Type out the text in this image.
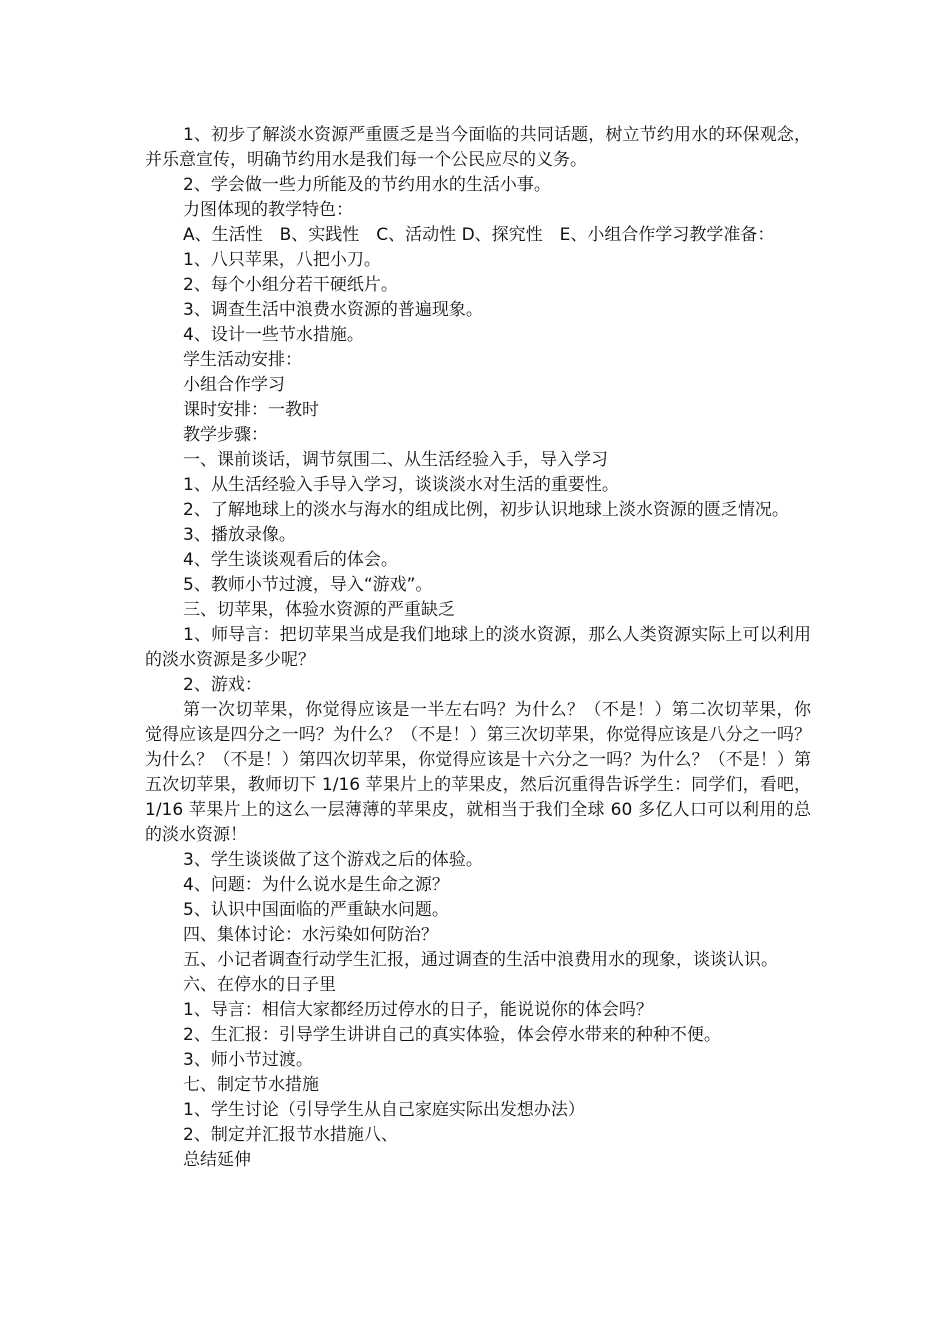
1、初步了解淡水资源严重匮乏是当今面临的共同话题，树立节约用水的环保观念，并乐意宣传，明确节约用水是我们每一个公民应尽的义务。

2、学会做一些力所能及的节约用水的生活小事。

力图体现的教学特色：

A、生活性　B、实践性　C、活动性 D、探究性　E、小组合作学习教学准备：

1、八只苹果，八把小刀。

2、每个小组分若干硬纸片。

3、调查生活中浪费水资源的普遍现象。

4、设计一些节水措施。

学生活动安排：

小组合作学习

课时安排：一教时

教学步骤：

一、课前谈话，调节氛围二、从生活经验入手，导入学习

1、从生活经验入手导入学习，谈谈淡水对生活的重要性。

2、了解地球上的淡水与海水的组成比例，初步认识地球上淡水资源的匮乏情况。

3、播放录像。

4、学生谈谈观看后的体会。

5、教师小节过渡，导入“游戏”。

三、切苹果，体验水资源的严重缺乏

1、师导言：把切苹果当成是我们地球上的淡水资源，那么人类资源实际上可以利用的淡水资源是多少呢？

2、游戏：

第一次切苹果，你觉得应该是一半左右吗？为什么？（不是！）第二次切苹果，你觉得应该是四分之一吗？为什么？（不是！）第三次切苹果，你觉得应该是八分之一吗？为什么？（不是！）第四次切苹果，你觉得应该是十六分之一吗？为什么？（不是！）第五次切苹果，教师切下 1/16 苹果片上的苹果皮，然后沉重得告诉学生：同学们，看吧，1/16 苹果片上的这么一层薄薄的苹果皮，就相当于我们全球 60 多亿人口可以利用的总的淡水资源！

3、学生谈谈做了这个游戏之后的体验。

4、问题：为什么说水是生命之源？

5、认识中国面临的严重缺水问题。

四、集体讨论：水污染如何防治？

五、小记者调查行动学生汇报，通过调查的生活中浪费用水的现象，谈谈认识。

六、在停水的日子里

1、导言：相信大家都经历过停水的日子，能说说你的体会吗？

2、生汇报：引导学生讲讲自己的真实体验，体会停水带来的种种不便。

3、师小节过渡。

七、制定节水措施

1、学生讨论（引导学生从自己家庭实际出发想办法）

2、制定并汇报节水措施八、

总结延伸
